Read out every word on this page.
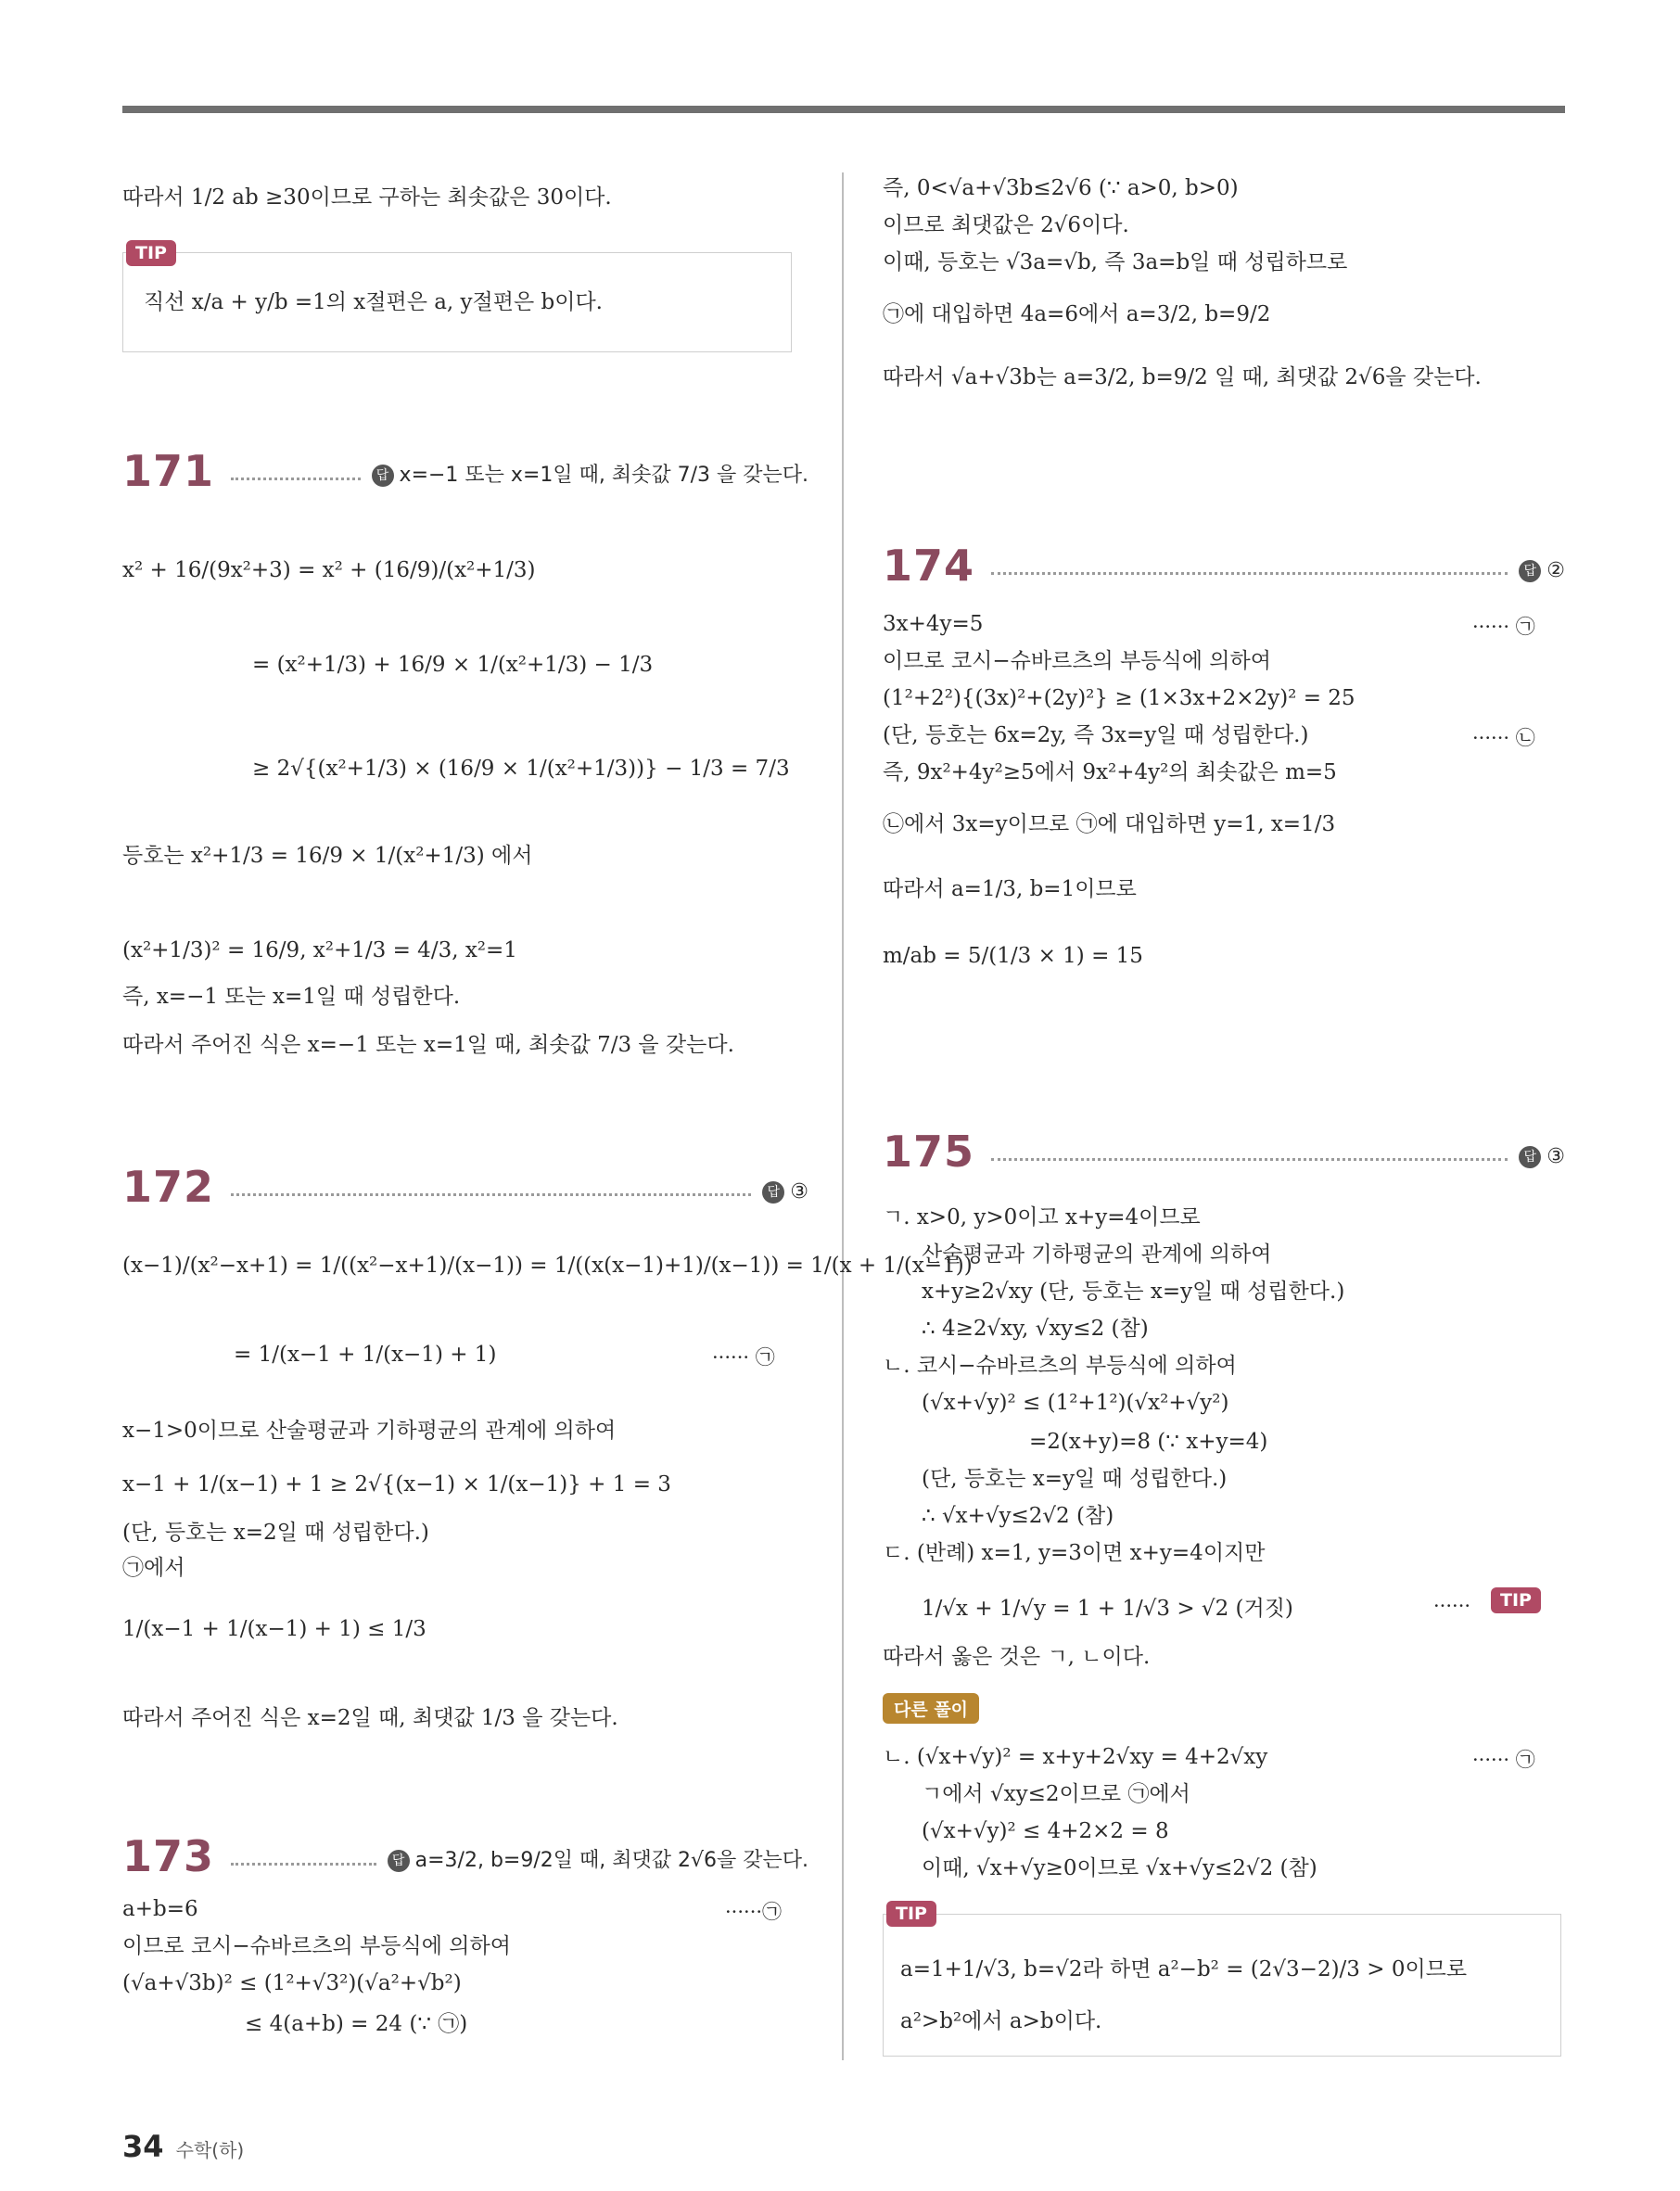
따라서 1/2 ab ≥30이므로 구하는 최솟값은 30이다.
직선 x/a + y/b =1의 x절편은 a, y절편은 b이다.
TIP
171	답 x=−1 또는 x=1일 때, 최솟값 7/3 을 갖는다.
x² + 16/(9x²+3) = x² + (16/9)/(x²+1/3)
= (x²+1/3) + 16/9 × 1/(x²+1/3) − 1/3
≥ 2√{(x²+1/3) × (16/9 × 1/(x²+1/3))} − 1/3 = 7/3
등호는 x²+1/3 = 16/9 × 1/(x²+1/3) 에서
(x²+1/3)² = 16/9, x²+1/3 = 4/3, x²=1
즉, x=−1 또는 x=1일 때 성립한다.
따라서 주어진 식은 x=−1 또는 x=1일 때, 최솟값 7/3 을 갖는다.
172	답 ③
(x−1)/(x²−x+1) = 1/((x²−x+1)/(x−1)) = 1/((x(x−1)+1)/(x−1)) = 1/(x + 1/(x−1))
= 1/(x−1 + 1/(x−1) + 1)	······ ㉠
x−1>0이므로 산술평균과 기하평균의 관계에 의하여
x−1 + 1/(x−1) + 1 ≥ 2√{(x−1) × 1/(x−1)} + 1 = 3
(단, 등호는 x=2일 때 성립한다.)
㉠에서
1/(x−1 + 1/(x−1) + 1) ≤ 1/3
따라서 주어진 식은 x=2일 때, 최댓값 1/3 을 갖는다.
173	답 a=3/2, b=9/2일 때, 최댓값 2√6을 갖는다.
a+b=6	······㉠
이므로 코시−슈바르츠의 부등식에 의하여
(√a+√3b)² ≤ (1²+√3²)(√a²+√b²)
≤ 4(a+b) = 24 (∵ ㉠)
즉, 0<√a+√3b≤2√6 (∵ a>0, b>0)
이므로 최댓값은 2√6이다.
이때, 등호는 √3a=√b, 즉 3a=b일 때 성립하므로
㉠에 대입하면 4a=6에서 a=3/2, b=9/2
따라서 √a+√3b는 a=3/2, b=9/2 일 때, 최댓값 2√6을 갖는다.
174	답 ②
3x+4y=5	······ ㉠
이므로 코시−슈바르츠의 부등식에 의하여
(1²+2²){(3x)²+(2y)²} ≥ (1×3x+2×2y)² = 25
(단, 등호는 6x=2y, 즉 3x=y일 때 성립한다.)	······ ㉡
즉, 9x²+4y²≥5에서 9x²+4y²의 최솟값은 m=5
㉡에서 3x=y이므로 ㉠에 대입하면 y=1, x=1/3
따라서 a=1/3, b=1이므로
m/ab = 5/(1/3 × 1) = 15
175	답 ③
ㄱ. x>0, y>0이고 x+y=4이므로
산술평균과 기하평균의 관계에 의하여
x+y≥2√xy (단, 등호는 x=y일 때 성립한다.)
∴ 4≥2√xy, √xy≤2 (참)
ㄴ. 코시−슈바르츠의 부등식에 의하여
(√x+√y)² ≤ (1²+1²)(√x²+√y²)
=2(x+y)=8 (∵ x+y=4)
(단, 등호는 x=y일 때 성립한다.)
∴ √x+√y≤2√2 (참)
ㄷ. (반례) x=1, y=3이면 x+y=4이지만
1/√x + 1/√y = 1 + 1/√3 > √2 (거짓)	······	TIP
따라서 옳은 것은 ㄱ, ㄴ이다.
다른 풀이
ㄴ. (√x+√y)² = x+y+2√xy = 4+2√xy	······ ㉠
ㄱ에서 √xy≤2이므로 ㉠에서
(√x+√y)² ≤ 4+2×2 = 8
이때, √x+√y≥0이므로 √x+√y≤2√2 (참)
a=1+1/√3, b=√2라 하면 a²−b² = (2√3−2)/3 > 0이므로
a²>b²에서 a>b이다.
TIP
34 수학(하)
